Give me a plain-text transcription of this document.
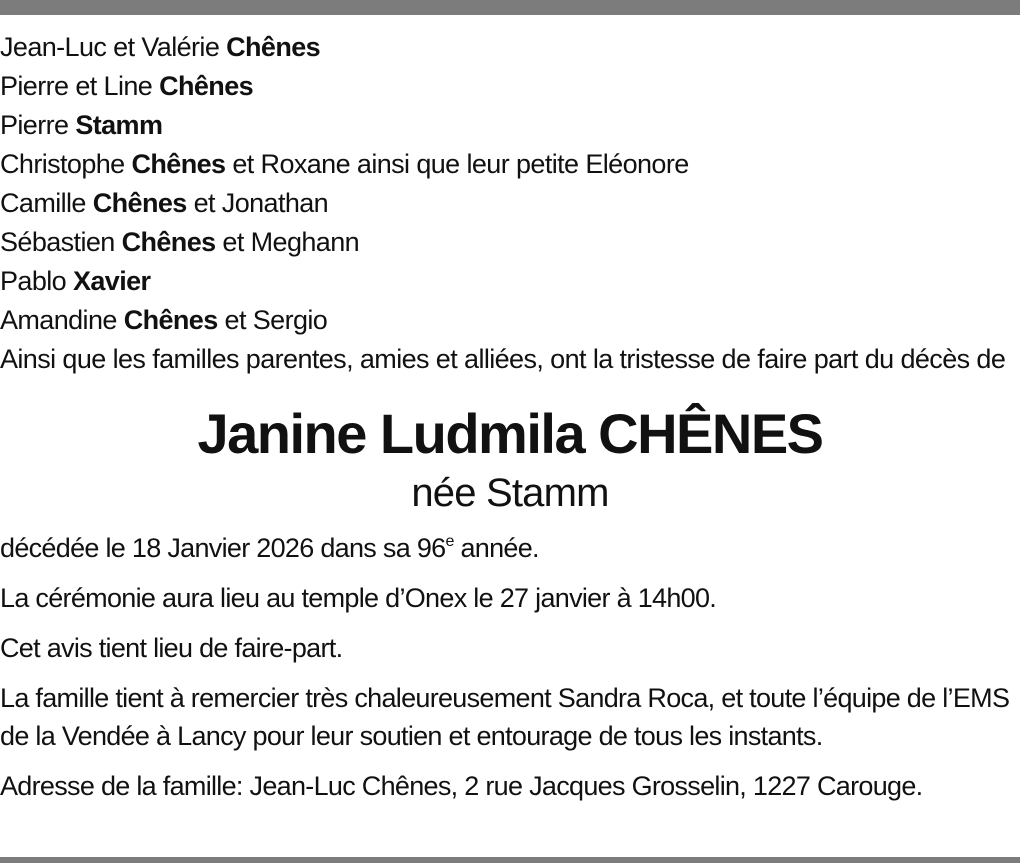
Jean-Luc et Valérie Chênes
Pierre et Line Chênes
Pierre Stamm
Christophe Chênes et Roxane ainsi que leur petite Eléonore
Camille Chênes et Jonathan
Sébastien Chênes et Meghann
Pablo Xavier
Amandine Chênes et Sergio

Ainsi que les familles parentes, amies et alliées, ont la tristesse de faire part du décès de

Janine Ludmila CHÊNES
née Stamm

décédée le 18 Janvier 2026 dans sa 96e année.

La cérémonie aura lieu au temple d’Onex le 27 janvier à 14h00.

Cet avis tient lieu de faire-part.

La famille tient à remercier très chaleureusement Sandra Roca, et toute l’équipe de l’EMS de la Vendée à Lancy pour leur soutien et entourage de tous les instants.

Adresse de la famille: Jean-Luc Chênes, 2 rue Jacques Grosselin, 1227 Carouge.
